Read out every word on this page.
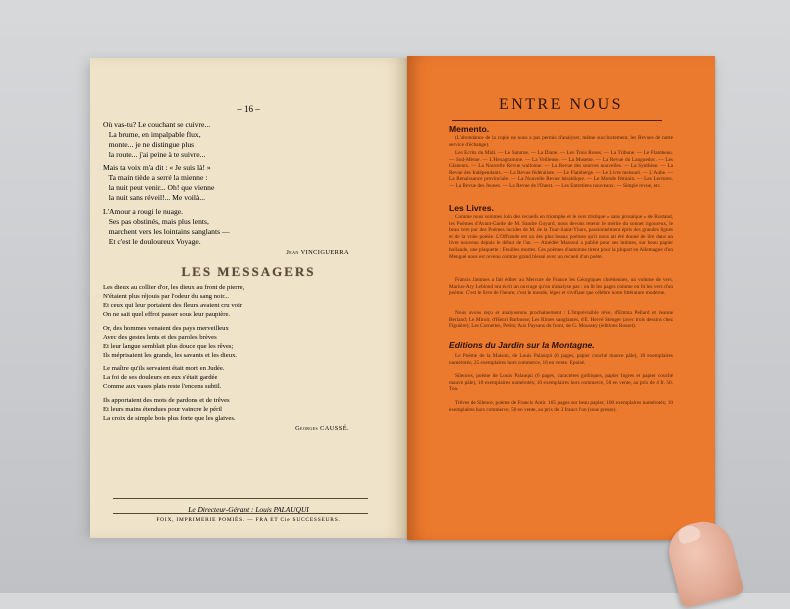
– 16 –
Où vas-tu? Le couchant se cuivre...
La brume, en impalpable flux,
monte... je ne distingue plus
la route... j'ai peine à te suivre...
Mais ta voix m'a dit : « Je suis là! »
Ta main tiède a serré la mienne :
la nuit peut venir... Oh! que vienne
la nuit sans réveil!... Me voilà...
L'Amour a rougi le nuage.
Ses pas obstinés, mais plus lents,
marchent vers les lointains sanglants —
Et c'est le douloureux Voyage.
Jean VINCIGUERRA
LES MESSAGERS
Les dieux au collier d'or, les dieux au front de pierre,
N'étaient plus réjouis par l'odeur du sang noir...
Et ceux qui leur portaient des fleurs avaient cru voir
On ne sait quel effroi passer sous leur paupière.
Or, des hommes venaient des pays merveilleux
Avec des gestes lents et des paroles brèves
Et leur langue semblait plus douce que les rêves;
Ils méprisaient les grands, les savants et les dieux.
Le maître qu'ils servaient était mort en Judée.
La foi de ses douleurs en eux s'était gardée
Comme aux vases plats reste l'encens subtil.
Ils apportaient des mots de pardons et de trêves
Et leurs mains étendues pour vaincre le péril
La croix de simple bois plus forte que les glaives.
Georges CAUSSÉ.
Le Directeur-Gérant : Louis PALAUQUI
FOIX, IMPRIMERIE POMIÈS. — FRA ET Cie SUCCESSEURS.
ENTRE NOUS
Memento.
(L'abondance de la copie ne nous a pas permis d'analyser, même succinctement, les Revues de notre service d'échange).
Les Ecrits du Midi. — Le Saturne. — La Diane. — Les Trois Roses. — La Tribune. — Le Flambeau. — Sud-Mème. — L'Hexagramme. — La Veilleuse. — La Musette. — La Revue du Languedoc. — Les Glaneurs. — La Nouvelle Revue wallonne. — La Revue des sources nouvelles. — La Synthèse. — La Revue des Indépendants. — La Revue fédéraliste. — Le Flamberge. — Le Livre mensuel. — L'Aube. — La Renaissance provinciale. — La Nouvelle Revue héraldique. — Le Monde féminin. — Les Lectures. — La Revue des Jeunes. — La Revue de l'Ouest. — Les Entretiens nouveaux. — Simple revue, etc.
Les Livres.
Comme nous sommes loin des recueils en triomphe et le vers tristique « sans prosaïque » de Rostand, les Poèmes d'Avant-Garde de M. Sandre Guyard, nous devons retenir le mérite du sonnet rigoureux, le beau vers pur des Poèmes lucides de M. de la Tour-Saint-Ybars, passionnément épris des grandes lignes et de la vraie poésie. L'Offrande est un des plus beaux poèmes qu'il nous ait été donné de lire dans un livre nouveau depuis le début de l'an. — Amédée Massoul a publié pour ses intimes, sur beau papier hollande, une plaquette : Feuilles mortes. Ces poèmes d'automne tirent pour la plupart en Allemagne d'un Mengué nous est revenu comme grand blessé avec un recueil d'un poète.
Francis Jammes a fait éditer au Mercure de France les Géorgiques chrétiennes, un volume de vers. Marius-Ary Leblond ont écrit un ouvrage qu'on n'analyse pas : on lit les pages comme on lit les vers d'un poème. C'est le livre de l'heure; c'est le monde, léger et vivifiant que célèbre notre littérature moderne.
Nous avons reçu et analyserons prochainement : L'Imprévisible rêve, d'Emma Pellard et Jeanne Berland; Le Miroir, d'Henri Barbusse; Les Rimes sanglantes, d'E. Hervé Stenger (avec trois dessins chez Figuière); Les Cornettes, Petits; Aux Paysans du front, de G. Moussey (éditions Rosset).
Editions du Jardin sur la Montagne.
Le Poème de la Maison, de Louis Palauqui (6 pages, papier couché mauve pâle), 10 exemplaires numérotés; 25 exemplaires hors commerce, 16 en vente. Epuisé.
Silences, poème de Louis Palauqui (6 pages, caractères gothiques, papier Ingres et papier couché mauve pâle), 10 exemplaires numérotés; 10 exemplaires hors commerce, 50 en vente, au prix de 4 fr. 50. Ton.
Trêves de Silence, poème de Francis Amir. 165 pages sur beau papier, 100 exemplaires numérotés; 10 exemplaires hors commerce, 50 en vente, au prix de 3 francs l'un (sous presse).
